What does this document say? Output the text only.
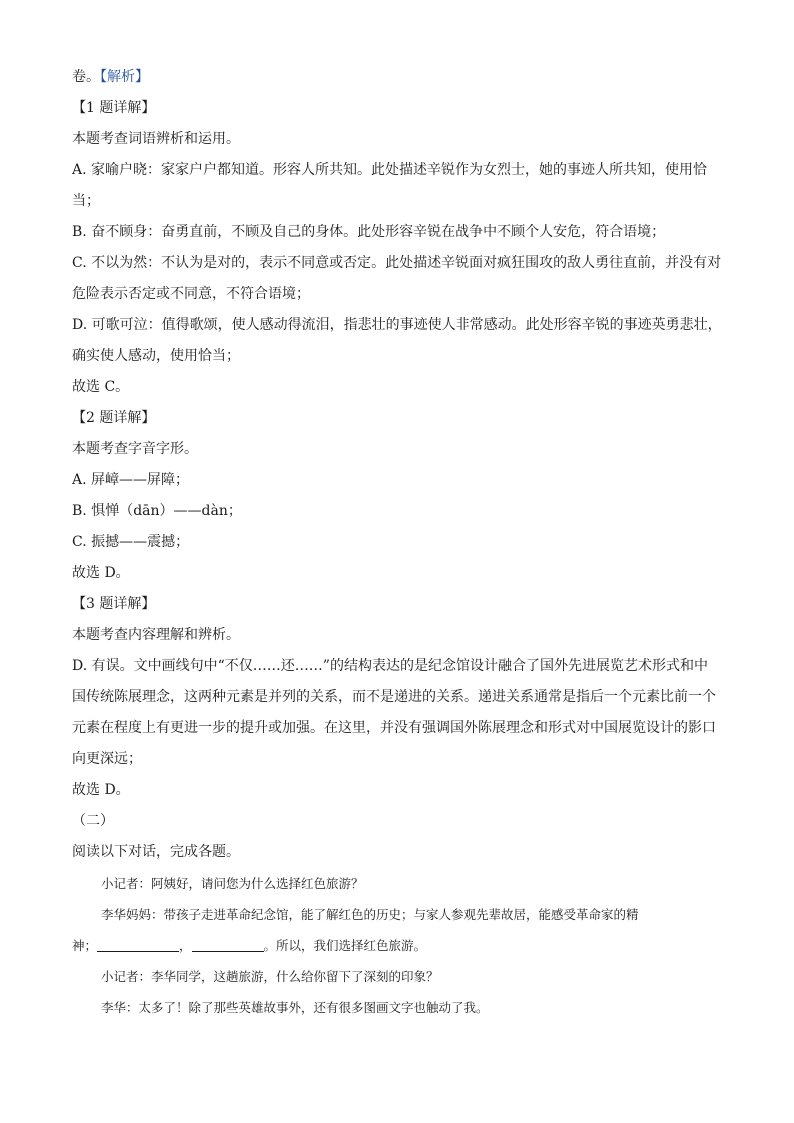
卷。【解析】
【1 题详解】
本题考查词语辨析和运用。
A. 家喻户晓：家家户户都知道。形容人所共知。此处描述辛锐作为女烈士，她的事迹人所共知，使用恰
当；
B. 奋不顾身：奋勇直前，不顾及自己的身体。此处形容辛锐在战争中不顾个人安危，符合语境；
C. 不以为然：不认为是对的，表示不同意或否定。此处描述辛锐面对疯狂围攻的敌人勇往直前，并没有对
危险表示否定或不同意，不符合语境；
D. 可歌可泣：值得歌颂，使人感动得流泪，指悲壮的事迹使人非常感动。此处形容辛锐的事迹英勇悲壮，
确实使人感动，使用恰当；
故选 C。
【2 题详解】
本题考查字音字形。
A. 屏嶂——屏障；
B. 惧惮（dān）——dàn；
C. 振撼——震撼；
故选 D。
【3 题详解】
本题考查内容理解和辨析。
D. 有误。文中画线句中“不仅……还……”的结构表达的是纪念馆设计融合了国外先进展览艺术形式和中
国传统陈展理念，这两种元素是并列的关系，而不是递进的关系。递进关系通常是指后一个元素比前一个
元素在程度上有更进一步的提升或加强。在这里，并没有强调国外陈展理念和形式对中国展览设计的影口
向更深远；
故选 D。
（二）
阅读以下对话，完成各题。
小记者：阿姨好，请问您为什么选择红色旅游？
李华妈妈：带孩子走进革命纪念馆，能了解红色的历史；与家人参观先辈故居，能感受革命家的精
神；	，	。所以，我们选择红色旅游。
小记者：李华同学，这趟旅游，什么给你留下了深刻的印象？
李华：太多了！除了那些英雄故事外，还有很多图画文字也触动了我。
